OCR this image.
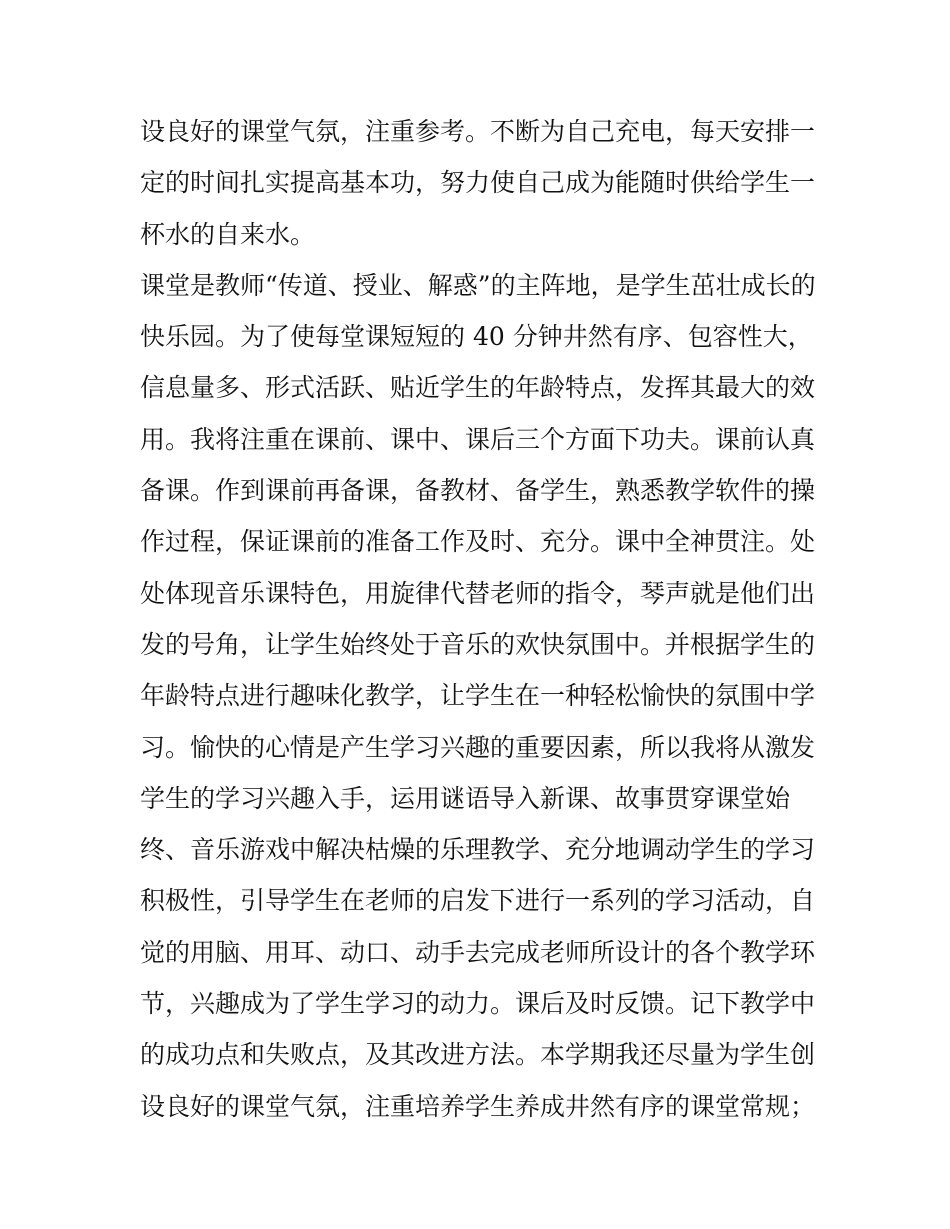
设良好的课堂气氛，注重参考。不断为自己充电，每天安排一
定的时间扎实提高基本功，努力使自己成为能随时供给学生一
杯水的自来水。
课堂是教师“传道、授业、解惑”的主阵地，是学生茁壮成长的
快乐园。为了使每堂课短短的 40 分钟井然有序、包容性大，
信息量多、形式活跃、贴近学生的年龄特点，发挥其最大的效
用。我将注重在课前、课中、课后三个方面下功夫。课前认真
备课。作到课前再备课，备教材、备学生，熟悉教学软件的操
作过程，保证课前的准备工作及时、充分。课中全神贯注。处
处体现音乐课特色，用旋律代替老师的指令，琴声就是他们出
发的号角，让学生始终处于音乐的欢快氛围中。并根据学生的
年龄特点进行趣味化教学，让学生在一种轻松愉快的氛围中学
习。愉快的心情是产生学习兴趣的重要因素，所以我将从激发
学生的学习兴趣入手，运用谜语导入新课、故事贯穿课堂始
终、音乐游戏中解决枯燥的乐理教学、充分地调动学生的学习
积极性，引导学生在老师的启发下进行一系列的学习活动，自
觉的用脑、用耳、动口、动手去完成老师所设计的各个教学环
节，兴趣成为了学生学习的动力。课后及时反馈。记下教学中
的成功点和失败点，及其改进方法。本学期我还尽量为学生创
设良好的课堂气氛，注重培养学生养成井然有序的课堂常规；
